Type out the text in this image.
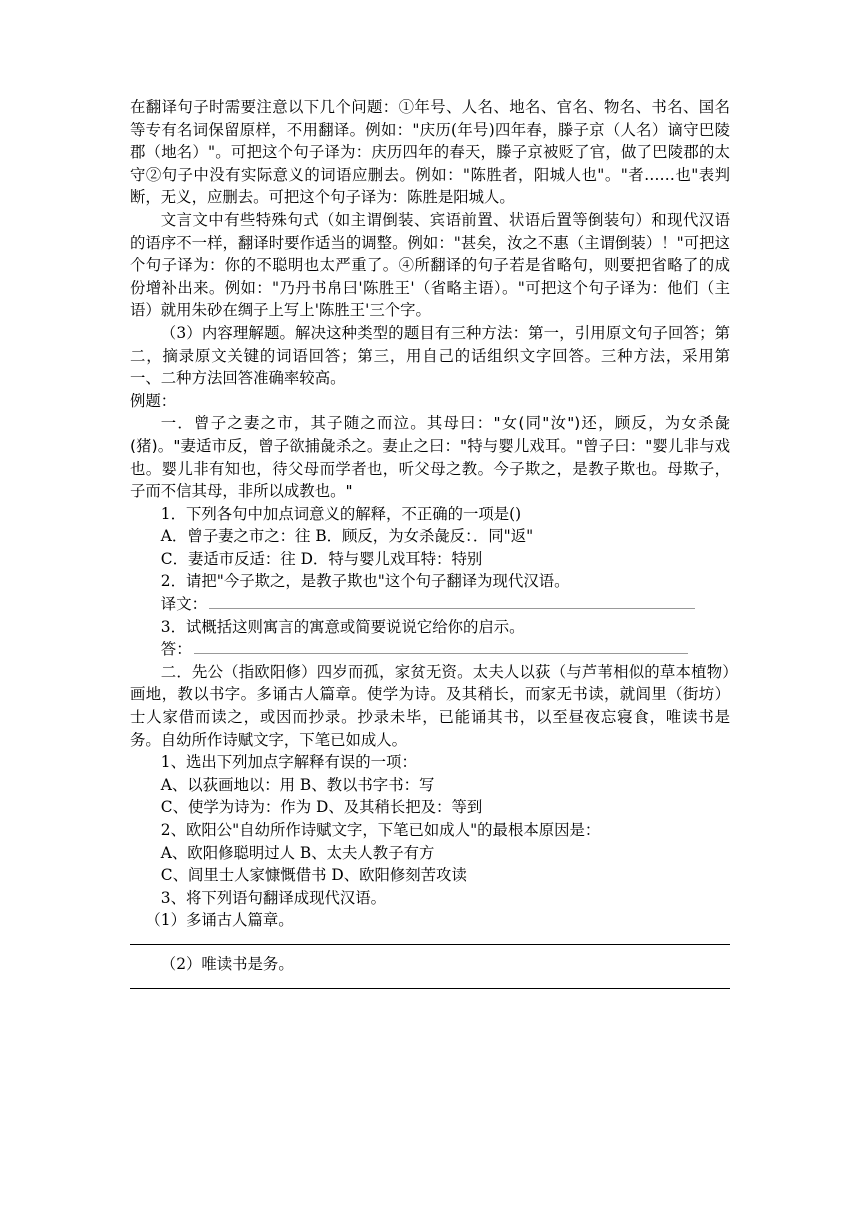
在翻译句子时需要注意以下几个问题：①年号、人名、地名、官名、物名、书名、国名等专有名词保留原样，不用翻译。例如："庆历(年号)四年春，滕子京（人名）谪守巴陵郡（地名）"。可把这个句子译为：庆历四年的春天，滕子京被贬了官，做了巴陵郡的太守②句子中没有实际意义的词语应删去。例如："陈胜者，阳城人也"。"者……也"表判断，无义，应删去。可把这个句子译为：陈胜是阳城人。

文言文中有些特殊句式（如主谓倒装、宾语前置、状语后置等倒装句）和现代汉语的语序不一样，翻译时要作适当的调整。例如："甚矣，汝之不惠（主谓倒装）！"可把这个句子译为：你的不聪明也太严重了。④所翻译的句子若是省略句，则要把省略了的成份增补出来。例如："乃丹书帛曰'陈胜王'（省略主语）。"可把这个句子译为：他们（主语）就用朱砂在绸子上写上'陈胜王'三个字。

（3）内容理解题。解决这种类型的题目有三种方法：第一，引用原文句子回答；第二，摘录原文关键的词语回答；第三，用自己的话组织文字回答。三种方法，采用第一、二种方法回答准确率较高。

例题：

一．曾子之妻之市，其子随之而泣。其母曰："女(同"汝")还，顾反，为女杀彘(猪)。"妻适市反，曾子欲捕彘杀之。妻止之曰："特与婴儿戏耳。"曾子曰："婴儿非与戏也。婴儿非有知也，待父母而学者也，听父母之教。今子欺之，是教子欺也。母欺子，子而不信其母，非所以成教也。"

1．下列各句中加点词意义的解释，不正确的一项是()

A．曾子妻之市之：往 B．顾反，为女杀彘反：．同"返"

C．妻适市反适：往 D．特与婴儿戏耳特：特别

2．请把"今子欺之，是教子欺也"这个句子翻译为现代汉语。

译文：

3．试概括这则寓言的寓意或简要说说它给你的启示。

答：

二．先公（指欧阳修）四岁而孤，家贫无资。太夫人以荻（与芦苇相似的草本植物）画地，教以书字。多诵古人篇章。使学为诗。及其稍长，而家无书读，就闾里（街坊）士人家借而读之，或因而抄录。抄录未毕，已能诵其书，以至昼夜忘寝食，唯读书是务。自幼所作诗赋文字，下笔已如成人。

1、选出下列加点字解释有误的一项：

A、以荻画地以：用 B、教以书字书：写

C、使学为诗为：作为 D、及其稍长把及：等到

2、欧阳公"自幼所作诗赋文字，下笔已如成人"的最根本原因是：

A、欧阳修聪明过人 B、太夫人教子有方

C、闾里士人家慷慨借书 D、欧阳修刻苦攻读

3、将下列语句翻译成现代汉语。

（1）多诵古人篇章。

（2）唯读书是务。
